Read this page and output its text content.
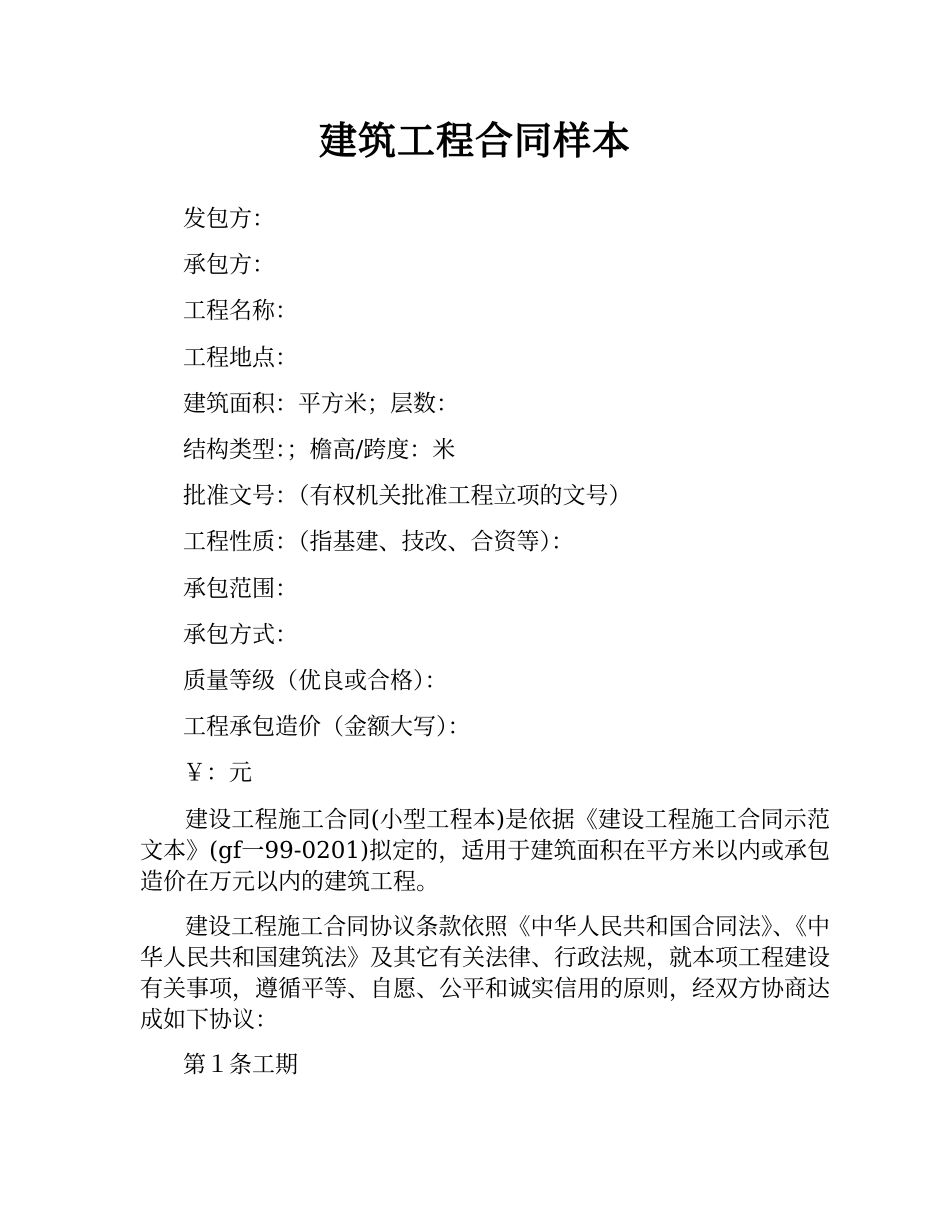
建筑工程合同样本
发包方：
承包方：
工程名称：
工程地点：
建筑面积：平方米；层数：
结构类型：；檐高/跨度：米
批准文号：（有权机关批准工程立项的文号）
工程性质：（指基建、技改、合资等）：
承包范围：
承包方式：
质量等级（优良或合格）：
工程承包造价（金额大写）：
￥：元

建设工程施工合同(小型工程本)是依据《建设工程施工合同示范文本》(gf一99-0201)拟定的，适用于建筑面积在平方米以内或承包造价在万元以内的建筑工程。

建设工程施工合同协议条款依照《中华人民共和国合同法》、《中华人民共和国建筑法》及其它有关法律、行政法规，就本项工程建设有关事项，遵循平等、自愿、公平和诚实信用的原则，经双方协商达成如下协议：

第１条工期
